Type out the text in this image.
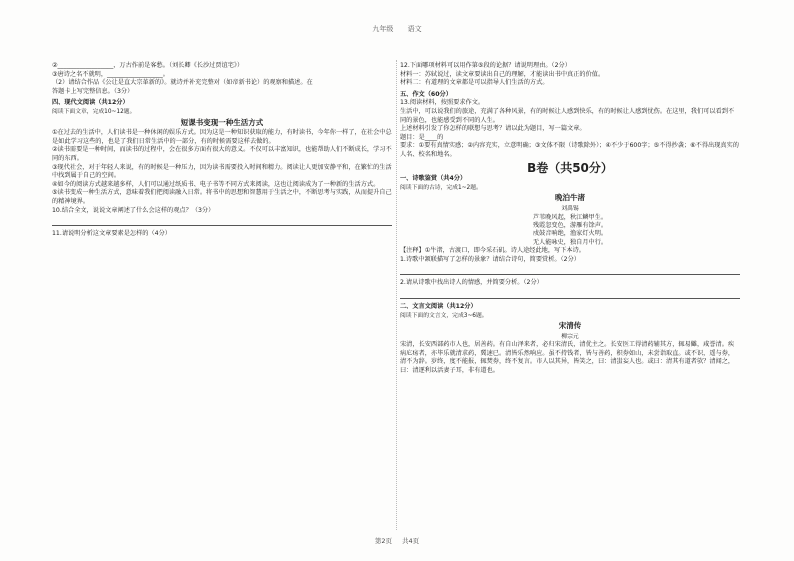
九年级 语文

②__________________，万古作前是客愁。（刘长卿《长沙过贾谊宅》）

③唐诗之名不就明，__________________。

（2）请结合作品《公让是直大宗革新的》。就诗并补充完整对（如帝新书论）的观察和描述。在

答题卡上写完整信息。（3分）

四、现代文阅读（共12分）

阅读下面文章，完成10~12题。

短课书变现一种生活方式

①在过去的生活中，人们读书是一种休闲的娱乐方式。因为这是一种知识获取的能力，有时读书，今年你一样了，在社会中总是如此学习这些的，也是了我们日常生活中的一部分，有的时候需要这样去做的。

②读书需要是一种时间，而读书的过程中，会在很多方面有很大的意义。不仅可以丰富知识，也能帮助人们不断成长，学习不同的东西。

③现代社会，对于年轻人来说，有的时候是一种压力，因为读书需要投入时间和精力。阅读让人更加安静平和，在繁忙的生活中找到属于自己的空间。

④如今的阅读方式越来越多样，人们可以通过纸质书、电子书等不同方式来阅读，这也让阅读成为了一种新的生活方式。

⑤读书变成一种生活方式，意味着我们把阅读融入日常。将书中的思想和智慧用于生活之中，不断思考与实践，从而提升自己的精神境界。

10.结合全文，说说文章阐述了什么会这样的观点？（3分）

11.请说明分析这文章要素是怎样的（4分）

12.下面哪项材料可以用作第⑤段的论据？请说明理由。（2分）

材料一：苏轼说过，读文章要读出自己的理解，才能读出书中真正的价值。

材料二：有道理的文章都是可以指导人们生活的方式。

五、作文（60分）

13.阅读材料，按照要求作文。

生活中，可以说我们的旅途，充满了各种风景，有的时候让人感到快乐，有的时候让人感到忧伤。在这里，我们可以看到不同的景色，也能感受到不同的人生。

上述材料引发了你怎样的联想与思考？请以此为题目，写一篇文章。

题目：是____的

要求：①要有真情实感；②内容充实，立意明确；③文体不限（诗歌除外）；④不少于600字；⑤不得抄袭；⑥不得出现真实的人名、校名和地名。

B卷（共50分）

一、诗歌鉴赏（共4分）

阅读下面的古诗，完成1~2题。

晚泊牛渚

刘禹锡

芦苇晚风起，秋江鳞甲生。

残霞忽变色，游雁有馀声。

戍鼓音响绝，渔家灯火明。

无人能咏史，独自月中行。

【注释】①牛渚，古渡口，即今采石矶。诗人途经此地，写下本诗。

1.诗歌中颔联描写了怎样的景象？请结合诗句，简要赏析。（2分）

2.请从诗歌中找出诗人的情感，并简要分析。（2分）

二、文言文阅读（共12分）

阅读下面的文言文，完成3~6题。

宋清传

柳宗元

宋清，长安西部药市人也，居善药。有自山泽来者，必归宋清氏，清优主之。长安医工得清药辅其方，辄易雠，咸誉清。疾病庀疡者，亦毕乐就清求药，冀速已。清皆乐然响应。虽不持钱者，皆与善药，积券如山，未尝诣取直。或不识，遥与券，清不为辞。岁终，度不能报，辄焚券，终不复言。市人以其异，皆笑之，曰：清蚩妄人也。或曰：清其有道者欤？清闻之，曰：清逐利以活妻子耳，非有道也。

第2页 共4页
